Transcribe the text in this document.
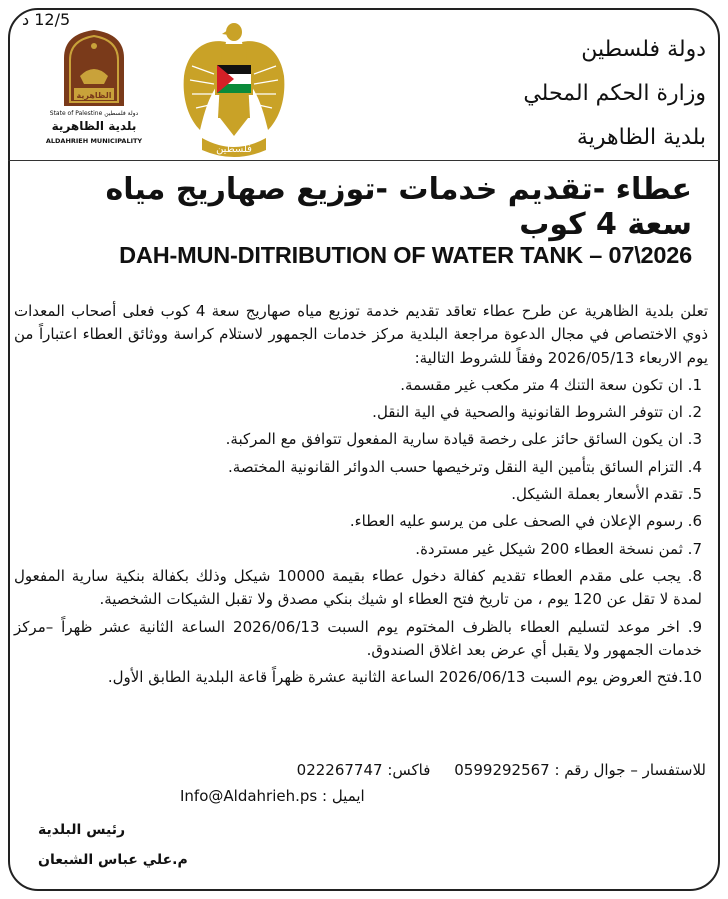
12/5 د
دولة فلسطين
وزارة الحكم المحلي
بلدية الظاهرية
فلسطين
الظاهرية
State of Palestine دولة فلسطين
بلدية الظاهرية
ALDAHRIEH MUNICIPALITY
عطاء -تقديم خدمات -توزيع صهاريج مياه سعة 4 كوب
DAH-MUN-DITRIBUTION OF WATER TANK – 07\2026

تعلن بلدية الظاهرية عن طرح عطاء تعاقد تقديم خدمة توزيع مياه صهاريج سعة 4 كوب فعلى أصحاب المعدات ذوي الاختصاص في مجال الدعوة مراجعة البلدية مركز خدمات الجمهور لاستلام كراسة ووثائق العطاء اعتباراً من يوم الاربعاء 2026/05/13 وفقاً للشروط التالية:

1. ان تكون سعة التنك 4 متر مكعب غير مقسمة.

2. ان تتوفر الشروط القانونية والصحية في الية النقل.

3. ان يكون السائق حائز على رخصة قيادة سارية المفعول تتوافق مع المركبة.

4. التزام السائق بتأمين الية النقل وترخيصها حسب الدوائر القانونية المختصة.

5. تقدم الأسعار بعملة الشيكل.

6. رسوم الإعلان في الصحف على من يرسو عليه العطاء.

7. ثمن نسخة العطاء 200 شيكل غير مستردة.

8. يجب على مقدم العطاء تقديم كفالة دخول عطاء بقيمة 10000 شيكل وذلك بكفالة بنكية سارية المفعول لمدة لا تقل عن 120 يوم ، من تاريخ فتح العطاء او شيك بنكي مصدق ولا تقبل الشيكات الشخصية.

9. اخر موعد لتسليم العطاء بالظرف المختوم يوم السبت 2026/06/13 الساعة الثانية عشر ظهراً –مركز خدمات الجمهور ولا يقبل أي عرض بعد اغلاق الصندوق.

10.فتح العروض يوم السبت 2026/06/13 الساعة الثانية عشرة ظهراً قاعة البلدية الطابق الأول.

للاستفسار – جوال رقم : 0599292567     فاكس: 022267747
ايميل : Info@Aldahrieh.ps
رئيس البلدية
م.علي عباس الشبعان
